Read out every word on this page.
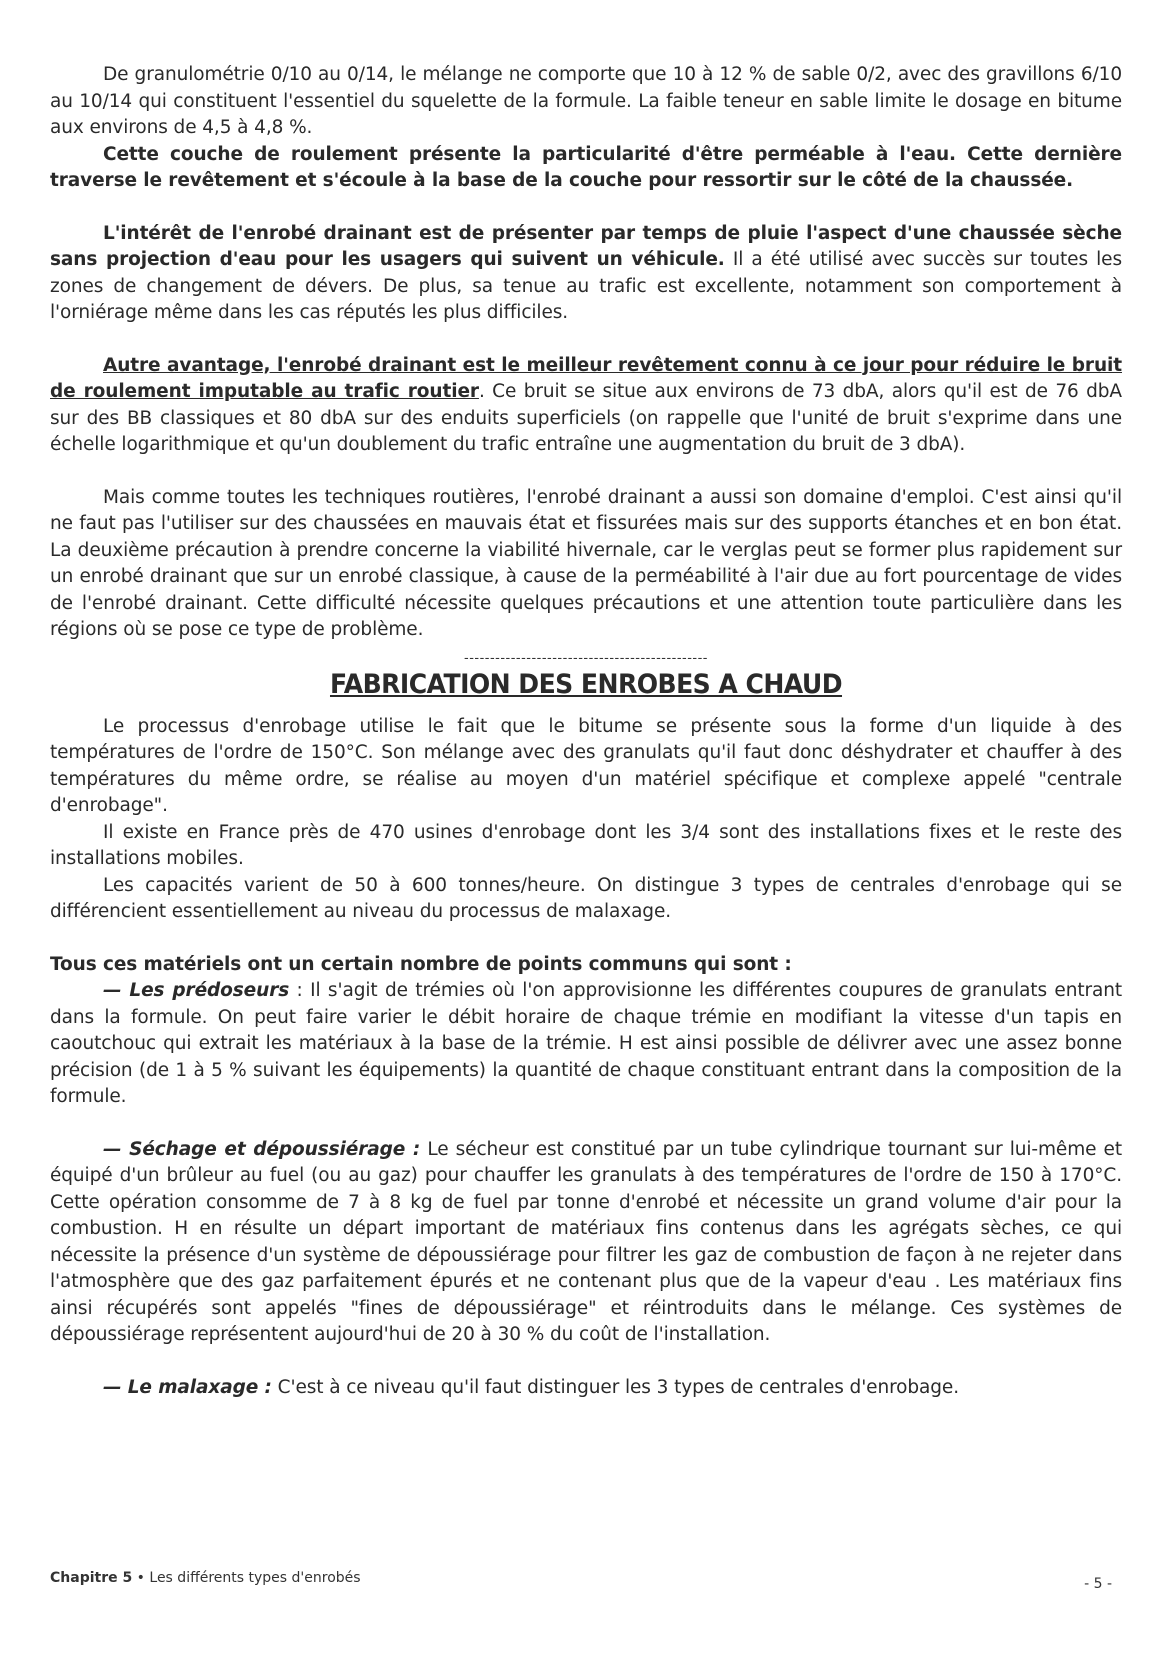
De granulométrie 0/10 au 0/14, le mélange ne comporte que 10 à 12 % de sable 0/2, avec des gravillons 6/10 au 10/14 qui constituent l'essentiel du squelette de la formule. La faible teneur en sable limite le dosage en bitume aux environs de 4,5 à 4,8 %.

Cette couche de roulement présente la particularité d'être perméable à l'eau. Cette dernière traverse le revêtement et s'écoule à la base de la couche pour ressortir sur le côté de la chaussée.

L'intérêt de l'enrobé drainant est de présenter par temps de pluie l'aspect d'une chaussée sèche sans projection d'eau pour les usagers qui suivent un véhicule. Il a été utilisé avec succès sur toutes les zones de changement de dévers. De plus, sa tenue au trafic est excellente, notamment son comportement à l'orniérage même dans les cas réputés les plus difficiles.

Autre avantage, l'enrobé drainant est le meilleur revêtement connu à ce jour pour réduire le bruit de roulement imputable au trafic routier. Ce bruit se situe aux environs de 73 dbA, alors qu'il est de 76 dbA sur des BB classiques et 80 dbA sur des enduits superficiels (on rappelle que l'unité de bruit s'exprime dans une échelle logarithmique et qu'un doublement du trafic entraîne une augmentation du bruit de 3 dbA).

Mais comme toutes les techniques routières, l'enrobé drainant a aussi son domaine d'emploi. C'est ainsi qu'il ne faut pas l'utiliser sur des chaussées en mauvais état et fissurées mais sur des supports étanches et en bon état. La deuxième précaution à prendre concerne la viabilité hivernale, car le verglas peut se former plus rapidement sur un enrobé drainant que sur un enrobé classique, à cause de la perméabilité à l'air due au fort pourcentage de vides de l'enrobé drainant. Cette difficulté nécessite quelques précautions et une attention toute particulière dans les régions où se pose ce type de problème.

-----------------------------------------------
FABRICATION DES ENROBES A CHAUD

Le processus d'enrobage utilise le fait que le bitume se présente sous la forme d'un liquide à des températures de l'ordre de 150°C. Son mélange avec des granulats qu'il faut donc déshydrater et chauffer à des températures du même ordre, se réalise au moyen d'un matériel spécifique et complexe appelé "centrale d'enrobage".

Il existe en France près de 470 usines d'enrobage dont les 3/4 sont des installations fixes et le reste des installations mobiles.

Les capacités varient de 50 à 600 tonnes/heure. On distingue 3 types de centrales d'enrobage qui se différencient essentiellement au niveau du processus de malaxage.

Tous ces matériels ont un certain nombre de points communs qui sont :

— Les prédoseurs : Il s'agit de trémies où l'on approvisionne les différentes coupures de granulats entrant dans la formule. On peut faire varier le débit horaire de chaque trémie en modifiant la vitesse d'un tapis en caoutchouc qui extrait les matériaux à la base de la trémie. H est ainsi possible de délivrer avec une assez bonne précision (de 1 à 5 % suivant les équipements) la quantité de chaque constituant entrant dans la composition de la formule.

— Séchage et dépoussiérage : Le sécheur est constitué par un tube cylindrique tournant sur lui-même et équipé d'un brûleur au fuel (ou au gaz) pour chauffer les granulats à des températures de l'ordre de 150 à 170°C. Cette opération consomme de 7 à 8 kg de fuel par tonne d'enrobé et nécessite un grand volume d'air pour la combustion. H en résulte un départ important de matériaux fins contenus dans les agrégats sèches, ce qui nécessite la présence d'un système de dépoussiérage pour filtrer les gaz de combustion de façon à ne rejeter dans l'atmosphère que des gaz parfaitement épurés et ne contenant plus que de la vapeur d'eau . Les matériaux fins ainsi récupérés sont appelés "fines de dépoussiérage" et réintroduits dans le mélange. Ces systèmes de dépoussiérage représentent aujourd'hui de 20 à 30 % du coût de l'installation.

— Le malaxage : C'est à ce niveau qu'il faut distinguer les 3 types de centrales d'enrobage.

Chapitre 5 • Les différents types d'enrobés	- 5 -
